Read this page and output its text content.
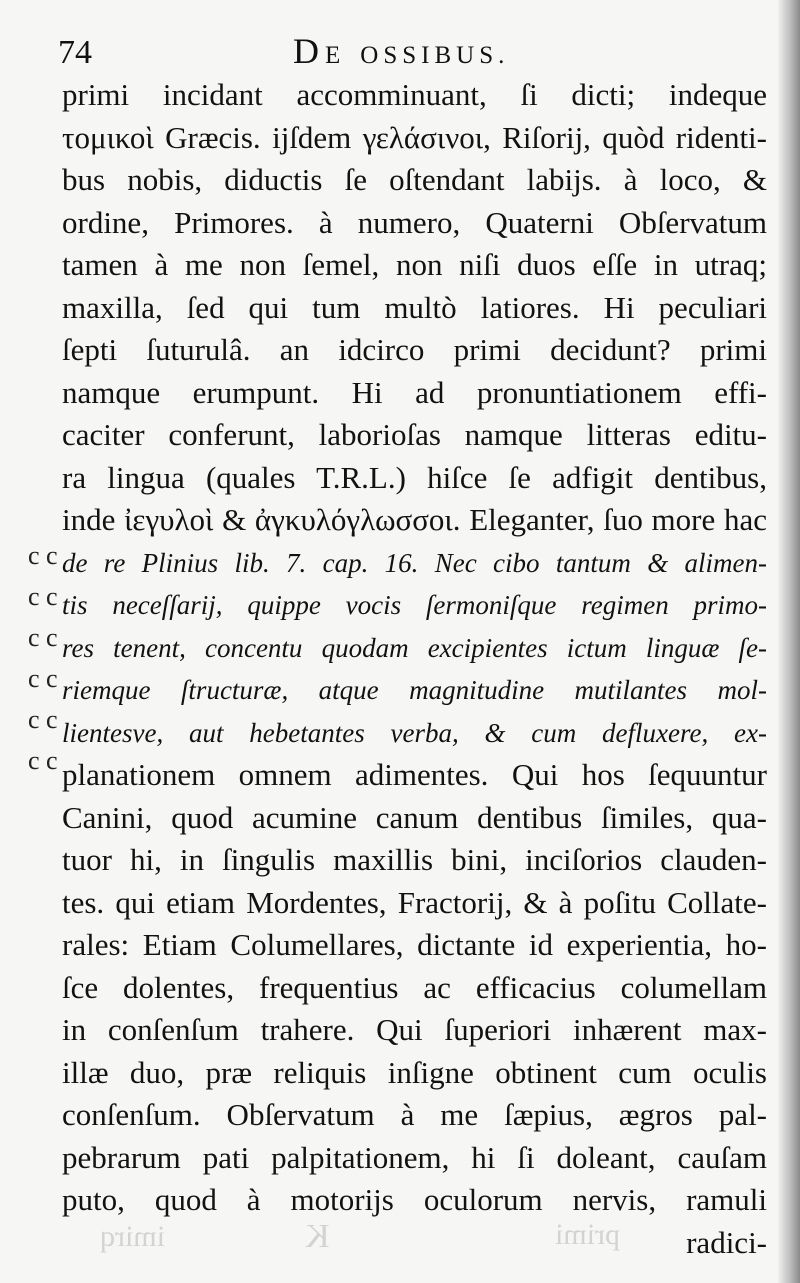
74	DE OSSIBUS.
c c
c c
c c
c c
c c
c c
primi incidant accomminuant, ſi dicti; indeque
τομικοὶ Græcis. ijſdem γελάσινοι, Riſorij, quòd ridenti-
bus nobis, diductis ſe oſtendant labijs. à loco, &
ordine, Primores. à numero, Quaterni Obſervatum
tamen à me non ſemel, non niſi duos eſſe in utraq;
maxilla, ſed qui tum multò latiores. Hi peculiari
ſepti ſuturulâ. an idcirco primi decidunt? primi
namque erumpunt. Hi ad pronuntiationem effi-
caciter conferunt, laborioſas namque litteras editu-
ra lingua (quales T.R.L.) hiſce ſe adfigit dentibus,
inde ἰεγυλοὶ & ἀγκυλόγλωσσοι. Eleganter, ſuo more hac
de re Plinius lib. 7. cap. 16. Nec cibo tantum & alimen-
tis neceſſarij, quippe vocis ſermoniſque regimen primo-
res tenent, concentu quodam excipientes ictum linguæ ſe-
riemque ſtructuræ, atque magnitudine mutilantes mol-
lientesve, aut hebetantes verba, & cum defluxere, ex-
planationem omnem adimentes. Qui hos ſequuntur
Canini, quod acumine canum dentibus ſimiles, qua-
tuor hi, in ſingulis maxillis bini, inciſorios clauden-
tes. qui etiam Mordentes, Fractorij, & à poſitu Collate-
rales: Etiam Columellares, dictante id experientia, ho-
ſce dolentes, frequentius ac efficacius columellam
in conſenſum trahere. Qui ſuperiori inhærent max-
illæ duo, præ reliquis inſigne obtinent cum oculis
conſenſum. Obſervatum à me ſæpius, ægros pal-
pebrarum pati palpitationem, hi ſi doleant, cauſam
puto, quod à motorijs oculorum nervis, ramuli
radici-
imirq	K	primi
